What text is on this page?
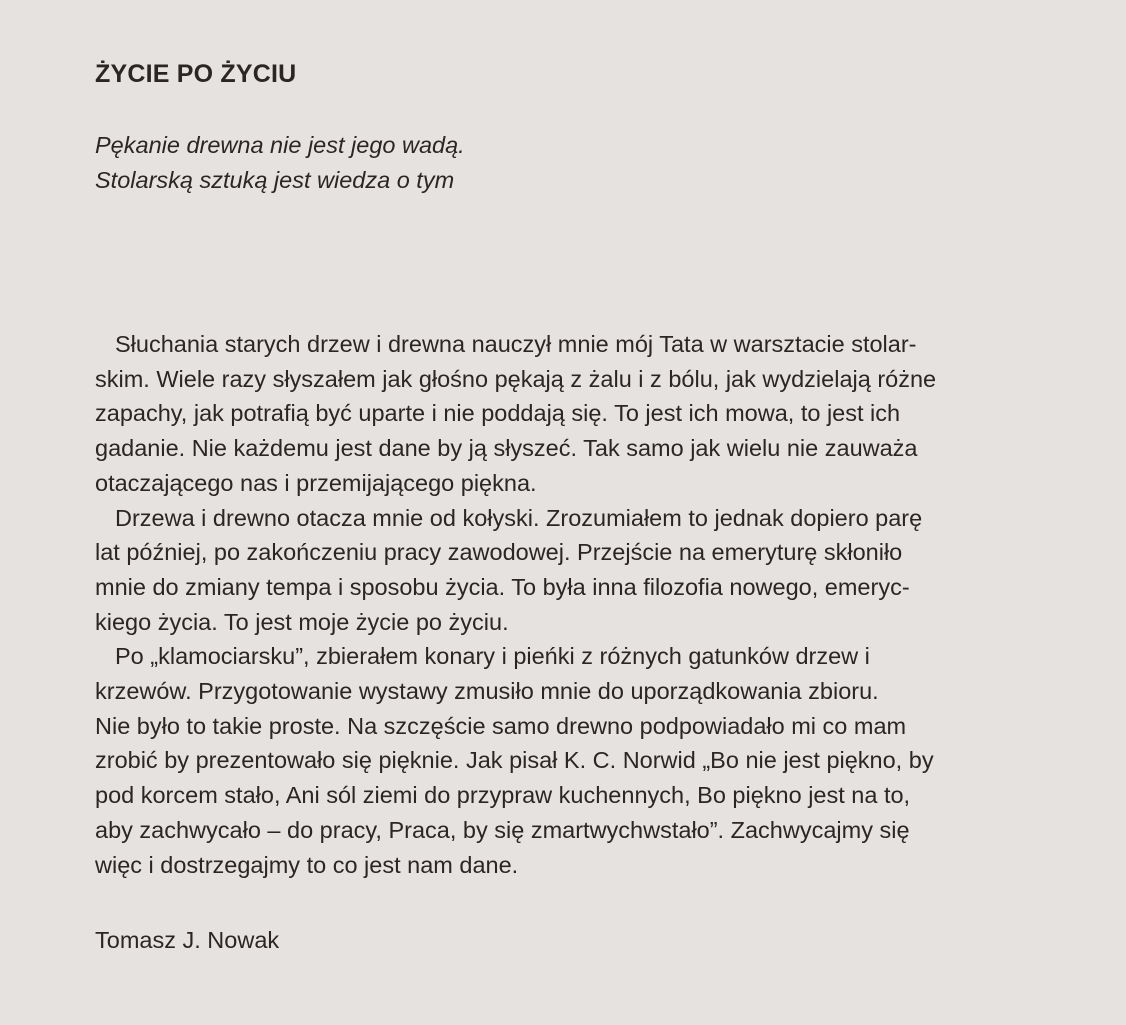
ŻYCIE PO ŻYCIU
Pękanie drewna nie jest jego wadą.
Stolarską sztuką jest wiedza o tym
Słuchania starych drzew i drewna nauczył mnie mój Tata w warsztacie stolar-
skim. Wiele razy słyszałem jak głośno pękają z żalu i z bólu, jak wydzielają różne
zapachy, jak potrafią być uparte i nie poddają się. To jest ich mowa, to jest ich
gadanie. Nie każdemu jest dane by ją słyszeć. Tak samo jak wielu nie zauważa
otaczającego nas i przemijającego piękna.
Drzewa i drewno otacza mnie od kołyski. Zrozumiałem to jednak dopiero parę
lat później, po zakończeniu pracy zawodowej. Przejście na emeryturę skłoniło
mnie do zmiany tempa i sposobu życia. To była inna filozofia nowego, emeryc-
kiego życia. To jest moje życie po życiu.
Po „klamociarsku”, zbierałem konary i pieńki z różnych gatunków drzew i
krzewów. Przygotowanie wystawy zmusiło mnie do uporządkowania zbioru.
Nie było to takie proste. Na szczęście samo drewno podpowiadało mi co mam
zrobić by prezentowało się pięknie. Jak pisał K. C. Norwid „Bo nie jest piękno, by
pod korcem stało, Ani sól ziemi do przypraw kuchennych, Bo piękno jest na to,
aby zachwycało – do pracy, Praca, by się zmartwychwstało”. Zachwycajmy się
więc i dostrzegajmy to co jest nam dane.
Tomasz J. Nowak
